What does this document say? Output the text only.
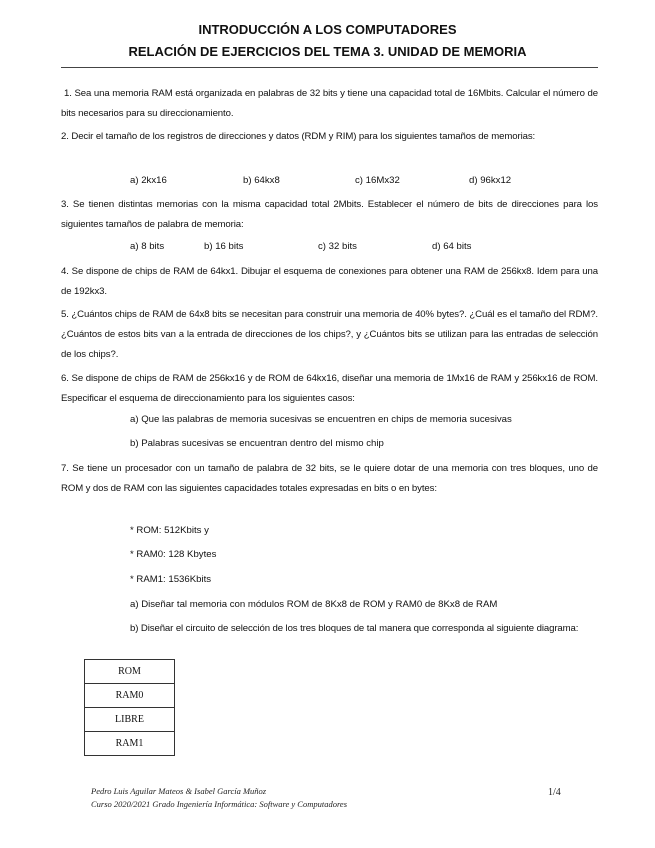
INTRODUCCIÓN A LOS COMPUTADORES
RELACIÓN DE EJERCICIOS DEL TEMA 3. UNIDAD DE MEMORIA
1. Sea una memoria RAM está organizada en palabras de 32 bits y tiene una capacidad total de 16Mbits. Calcular el número de bits necesarios para su direccionamiento.
2. Decir el tamaño de los registros de direcciones y datos (RDM y RIM) para los siguientes tamaños de memorias:
a) 2kx16	b) 64kx8	c) 16Mx32	d) 96kx12
3. Se tienen distintas memorias con la misma capacidad total 2Mbits. Establecer el número de bits de direcciones para los siguientes tamaños de palabra de memoria:
a) 8 bits	b) 16 bits	c) 32 bits	d) 64 bits
4. Se dispone de chips de RAM de 64kx1. Dibujar el esquema de conexiones para obtener una RAM de 256kx8. Idem para una de 192kx3.
5. ¿Cuántos chips de RAM de 64x8 bits se necesitan para construir una memoria de 40% bytes?. ¿Cuál es el tamaño del RDM?. ¿Cuántos de estos bits van a la entrada de direcciones de los chips?, y ¿Cuántos bits se utilizan para las entradas de selección de los chips?.
6. Se dispone de chips de RAM de 256kx16 y de ROM de 64kx16, diseñar una memoria de 1Mx16 de RAM y 256kx16 de ROM. Especificar el esquema de direccionamiento para los siguientes casos:
a) Que las palabras de memoria sucesivas se encuentren en chips de memoria sucesivas
b) Palabras sucesivas se encuentran dentro del mismo chip
7. Se tiene un procesador con un tamaño de palabra de 32 bits, se le quiere dotar de una memoria con tres bloques, uno de ROM y dos de RAM con las siguientes capacidades totales expresadas en bits o en bytes:
* ROM: 512Kbits y
* RAM0: 128 Kbytes
* RAM1: 1536Kbits
a) Diseñar tal memoria con módulos ROM de 8Kx8 de ROM y RAM0 de 8Kx8 de RAM
b) Diseñar el circuito de selección de los tres bloques de tal manera que corresponda al siguiente diagrama:
ROM
RAM0
LIBRE
RAM1
Pedro Luis Aguilar Mateos & Isabel García Muñoz
Curso 2020/2021 Grado Ingeniería Informática: Software y Computadores
1/4
